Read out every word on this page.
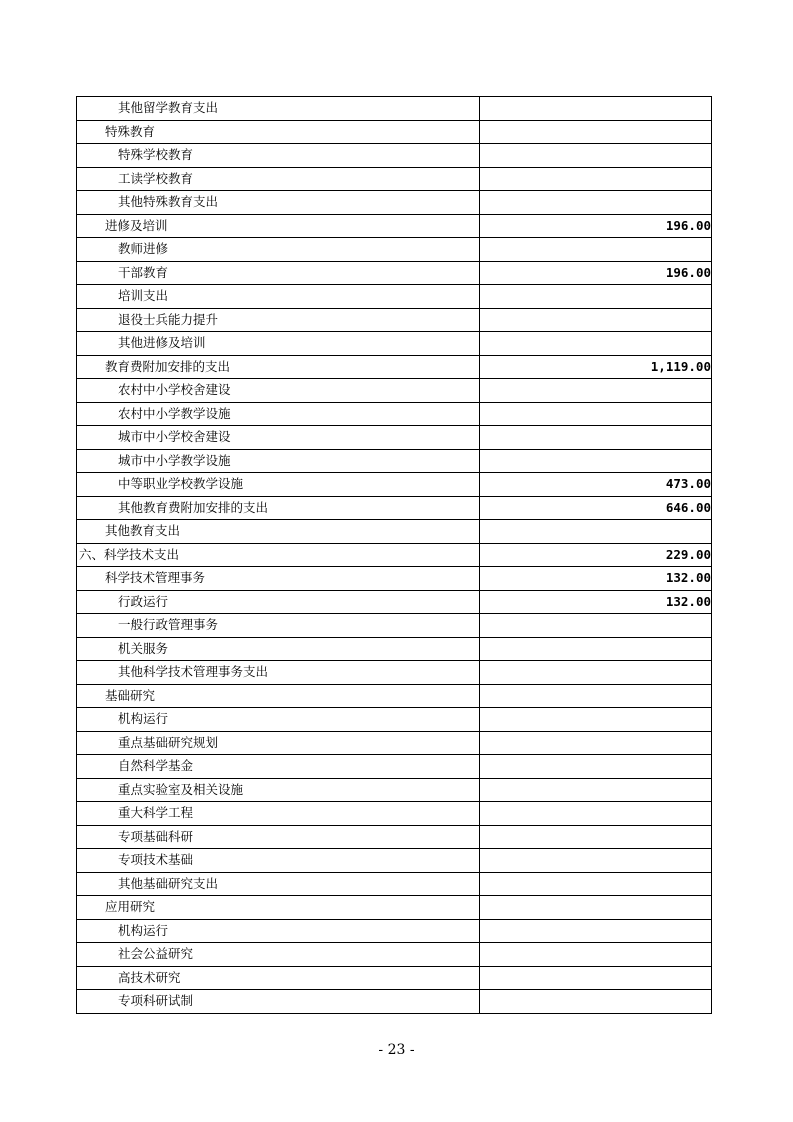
其他留学教育支出	
特殊教育	
特殊学校教育	
工读学校教育	
其他特殊教育支出	
进修及培训	196.00
教师进修	
干部教育	196.00
培训支出	
退役士兵能力提升	
其他进修及培训	
教育费附加安排的支出	1,119.00
农村中小学校舍建设	
农村中小学教学设施	
城市中小学校舍建设	
城市中小学教学设施	
中等职业学校教学设施	473.00
其他教育费附加安排的支出	646.00
其他教育支出	
六、科学技术支出	229.00
科学技术管理事务	132.00
行政运行	132.00
一般行政管理事务	
机关服务	
其他科学技术管理事务支出	
基础研究	
机构运行	
重点基础研究规划	
自然科学基金	
重点实验室及相关设施	
重大科学工程	
专项基础科研	
专项技术基础	
其他基础研究支出	
应用研究	
机构运行	
社会公益研究	
高技术研究	
专项科研试制	
- 23 -
